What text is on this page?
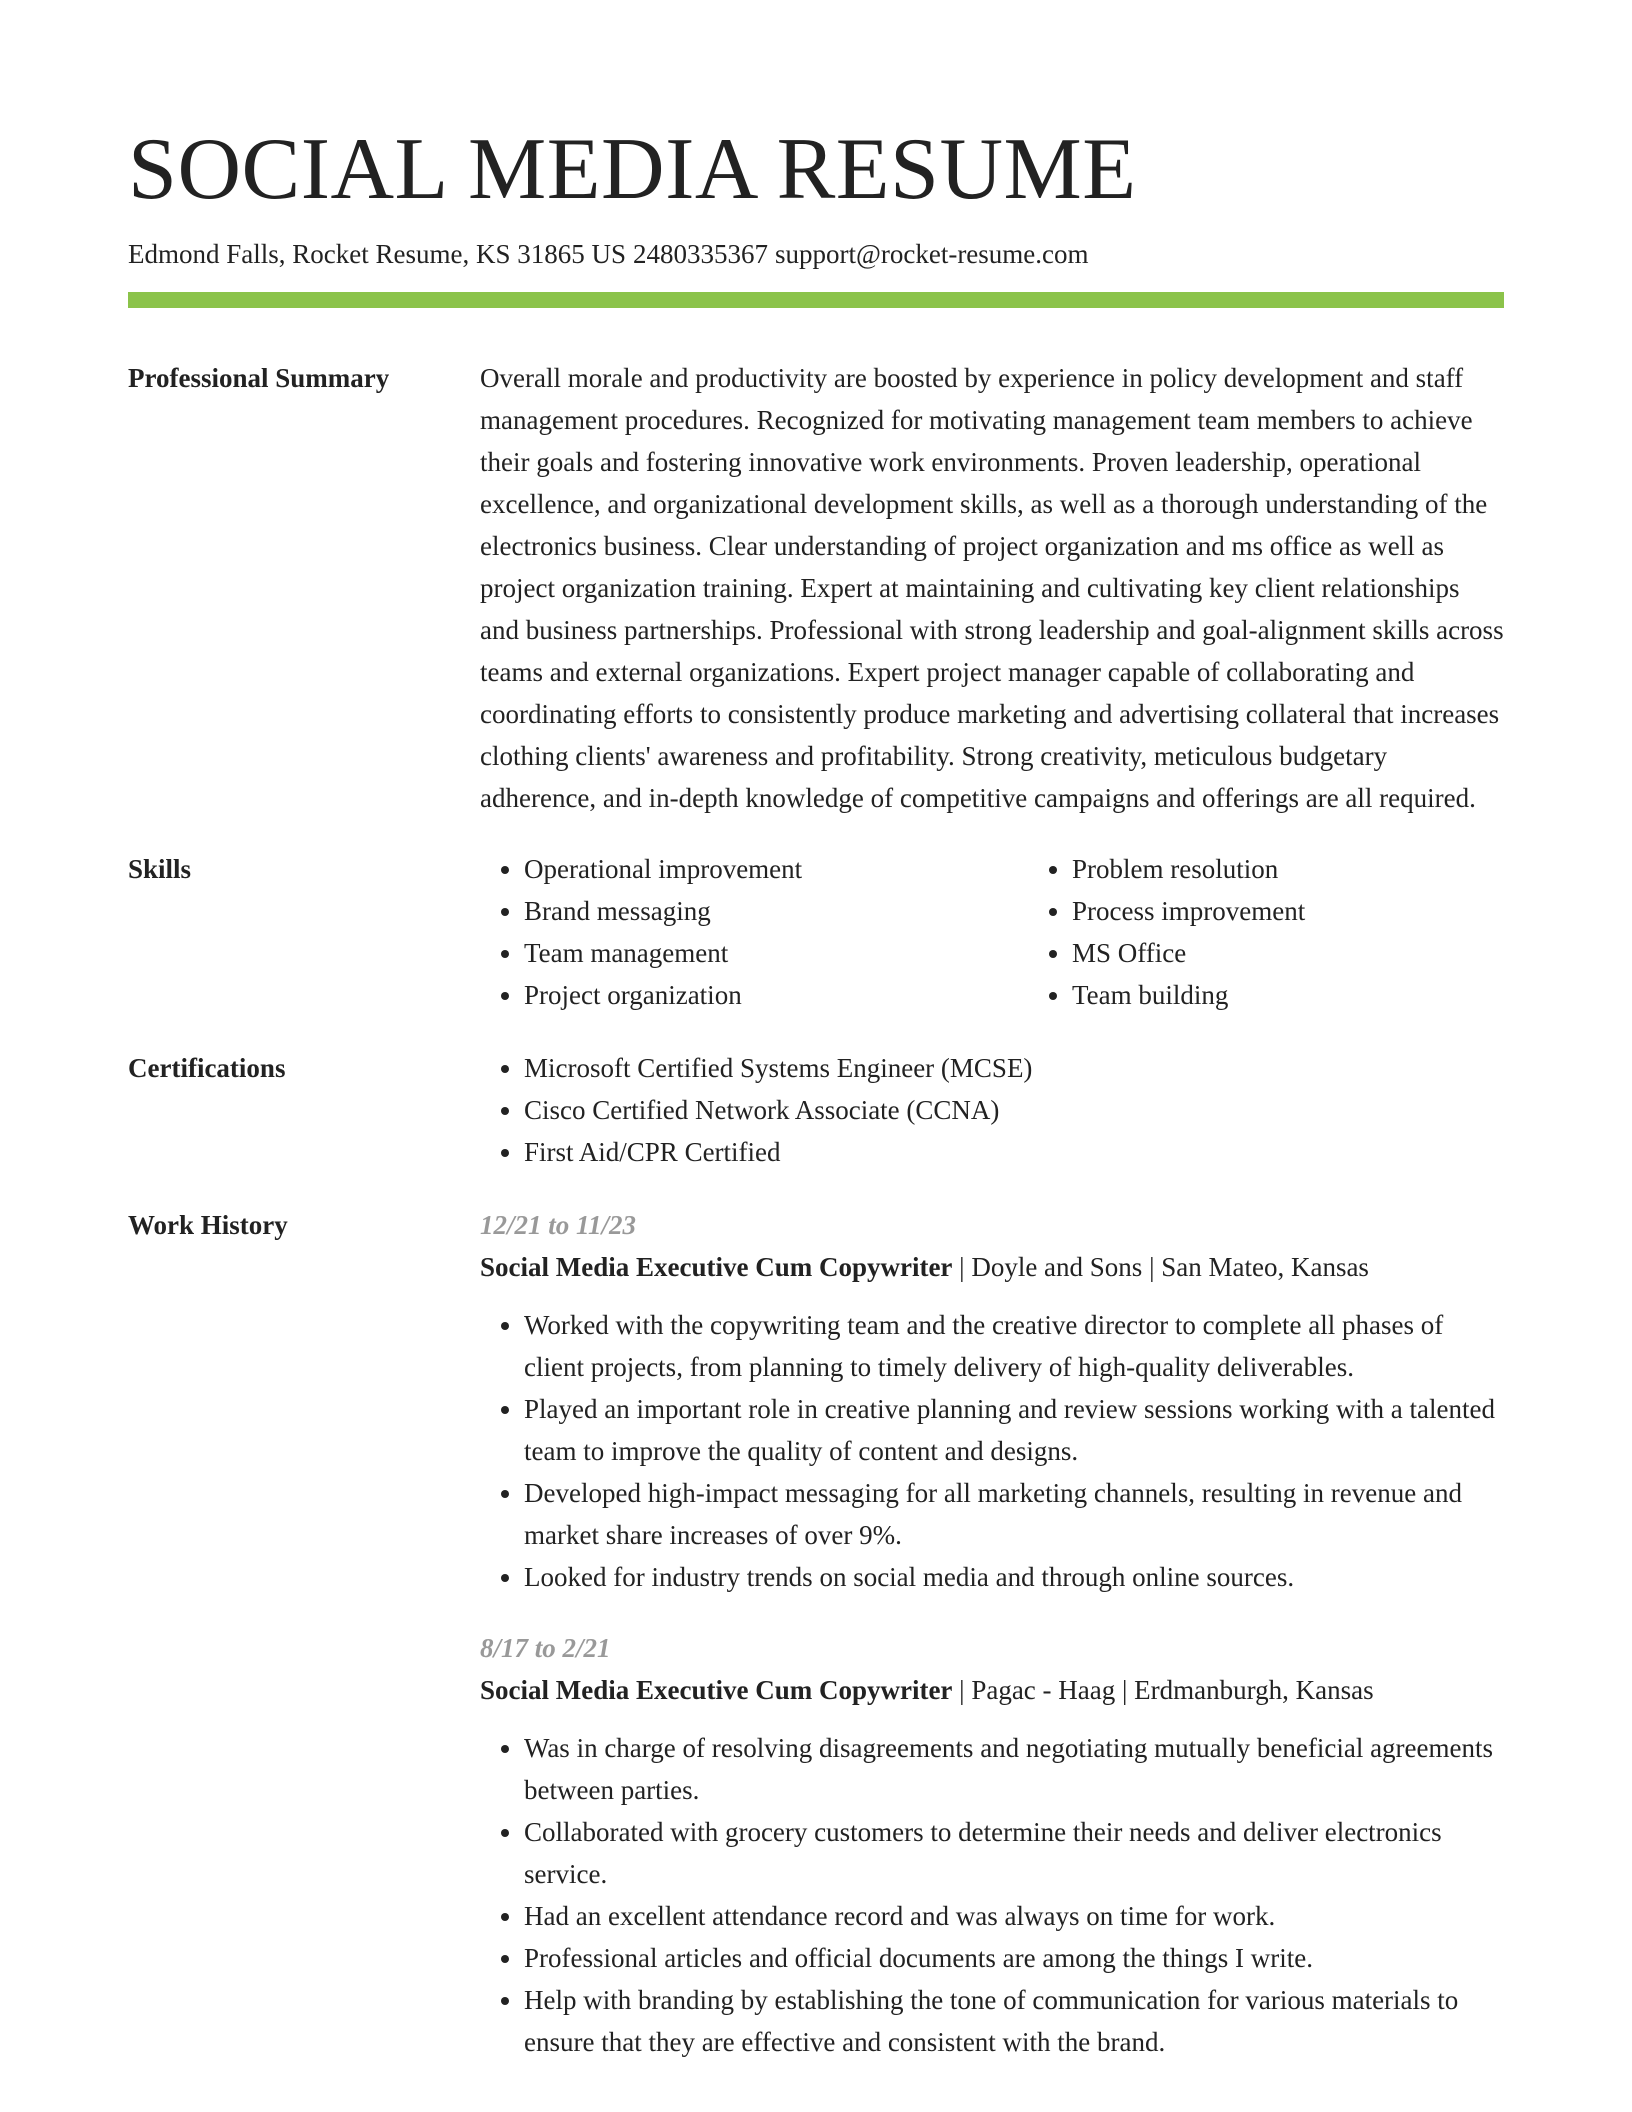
SOCIAL MEDIA RESUME
Edmond Falls, Rocket Resume, KS 31865 US 2480335367 support@rocket-resume.com
Professional Summary	Overall morale and productivity are boosted by experience in policy development and staff management procedures. Recognized for motivating management team members to achieve their goals and fostering innovative work environments. Proven leadership, operational excellence, and organizational development skills, as well as a thorough understanding of the electronics business. Clear understanding of project organization and ms office as well as project organization training. Expert at maintaining and cultivating key client relationships and business partnerships. Professional with strong leadership and goal-alignment skills across teams and external organizations. Expert project manager capable of collaborating and coordinating efforts to consistently produce marketing and advertising collateral that increases clothing clients' awareness and profitability. Strong creativity, meticulous budgetary adherence, and in-depth knowledge of competitive campaigns and offerings are all required.

Skills	• Operational improvement
• Brand messaging
• Team management
• Project organization
• Problem resolution
• Process improvement
• MS Office
• Team building
Certifications	• Microsoft Certified Systems Engineer (MCSE)
• Cisco Certified Network Associate (CCNA)
• First Aid/CPR Certified
Work History	12/21 to 11/23
Social Media Executive Cum Copywriter | Doyle and Sons | San Mateo, Kansas
• Worked with the copywriting team and the creative director to complete all phases of client projects, from planning to timely delivery of high-quality deliverables.
• Played an important role in creative planning and review sessions working with a talented team to improve the quality of content and designs.
• Developed high-impact messaging for all marketing channels, resulting in revenue and market share increases of over 9%.
• Looked for industry trends on social media and through online sources.
8/17 to 2/21
Social Media Executive Cum Copywriter | Pagac - Haag | Erdmanburgh, Kansas
• Was in charge of resolving disagreements and negotiating mutually beneficial agreements between parties.
• Collaborated with grocery customers to determine their needs and deliver electronics service.
• Had an excellent attendance record and was always on time for work.
• Professional articles and official documents are among the things I write.
• Help with branding by establishing the tone of communication for various materials to ensure that they are effective and consistent with the brand.
